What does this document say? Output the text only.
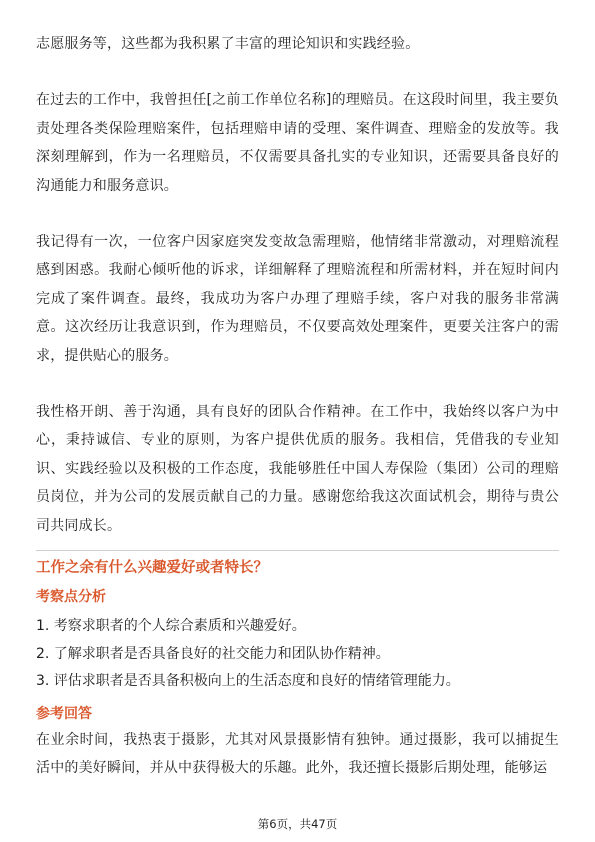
志愿服务等，这些都为我积累了丰富的理论知识和实践经验。

在过去的工作中，我曾担任[之前工作单位名称]的理赔员。在这段时间里，我主要负责处理各类保险理赔案件，包括理赔申请的受理、案件调查、理赔金的发放等。我深刻理解到，作为一名理赔员，不仅需要具备扎实的专业知识，还需要具备良好的沟通能力和服务意识。

我记得有一次，一位客户因家庭突发变故急需理赔，他情绪非常激动，对理赔流程感到困惑。我耐心倾听他的诉求，详细解释了理赔流程和所需材料，并在短时间内完成了案件调查。最终，我成功为客户办理了理赔手续，客户对我的服务非常满意。这次经历让我意识到，作为理赔员，不仅要高效处理案件，更要关注客户的需求，提供贴心的服务。

我性格开朗、善于沟通，具有良好的团队合作精神。在工作中，我始终以客户为中心，秉持诚信、专业的原则，为客户提供优质的服务。我相信，凭借我的专业知识、实践经验以及积极的工作态度，我能够胜任中国人寿保险（集团）公司的理赔员岗位，并为公司的发展贡献自己的力量。感谢您给我这次面试机会，期待与贵公司共同成长。

工作之余有什么兴趣爱好或者特长？
考察点分析
1. 考察求职者的个人综合素质和兴趣爱好。
2. 了解求职者是否具备良好的社交能力和团队协作精神。
3. 评估求职者是否具备积极向上的生活态度和良好的情绪管理能力。
参考回答

在业余时间，我热衷于摄影，尤其对风景摄影情有独钟。通过摄影，我可以捕捉生活中的美好瞬间，并从中获得极大的乐趣。此外，我还擅长摄影后期处理，能够运

第6页，共47页
